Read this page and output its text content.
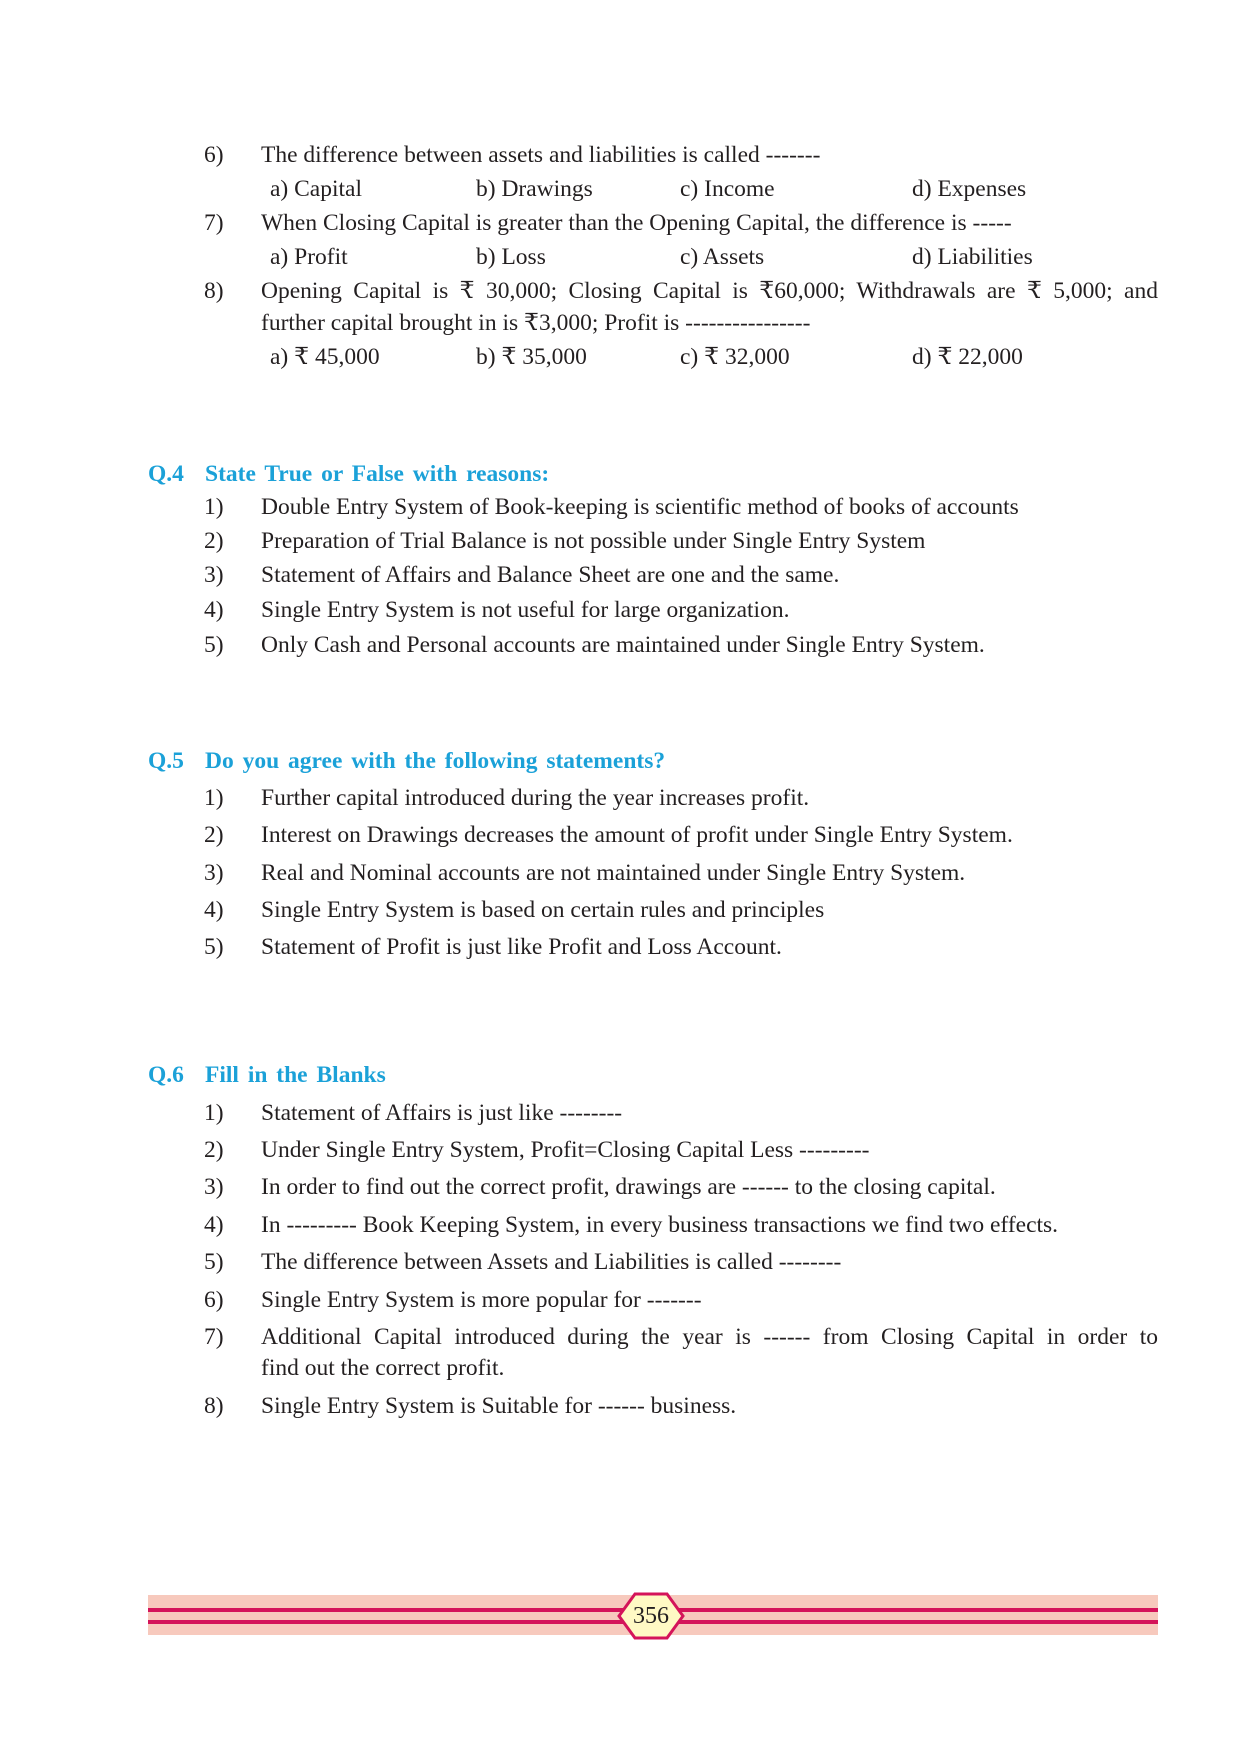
6)	The difference between assets and liabilities is called -------
a) Capital	b) Drawings	c) Income	d) Expenses
7)	When Closing Capital is greater than the Opening Capital, the difference is -----
a) Profit	b) Loss	c) Assets	d) Liabilities
8)	Opening Capital is ₹ 30,000; Closing Capital is ₹60,000; Withdrawals are ₹ 5,000; and
further capital brought in is ₹3,000; Profit is ----------------
a) ₹ 45,000	b) ₹ 35,000	c) ₹ 32,000	d) ₹ 22,000
Q.4 State True or False with reasons:
1)	Double Entry System of Book-keeping is scientific method of books of accounts
2)	Preparation of Trial Balance is not possible under Single Entry System
3)	Statement of Affairs and Balance Sheet are one and the same.
4)	Single Entry System is not useful for large organization.
5)	Only Cash and Personal accounts are maintained under Single Entry System.
Q.5 Do you agree with the following statements?
1)	Further capital introduced during the year increases profit.
2)	Interest on Drawings decreases the amount of profit under Single Entry System.
3)	Real and Nominal accounts are not maintained under Single Entry System.
4)	Single Entry System is based on certain rules and principles
5)	Statement of Profit is just like Profit and Loss Account.
Q.6 Fill in the Blanks
1)	Statement of Affairs is just like --------
2)	Under Single Entry System, Profit=Closing Capital Less ---------
3)	In order to find out the correct profit, drawings are ------ to the closing capital.
4)	In --------- Book Keeping System, in every business transactions we find two effects.
5)	The difference between Assets and Liabilities is called --------
6)	Single Entry System is more popular for -------
7)	Additional Capital introduced during the year is ------ from Closing Capital in order to
find out the correct profit.
8)	Single Entry System is Suitable for ------ business.
356
